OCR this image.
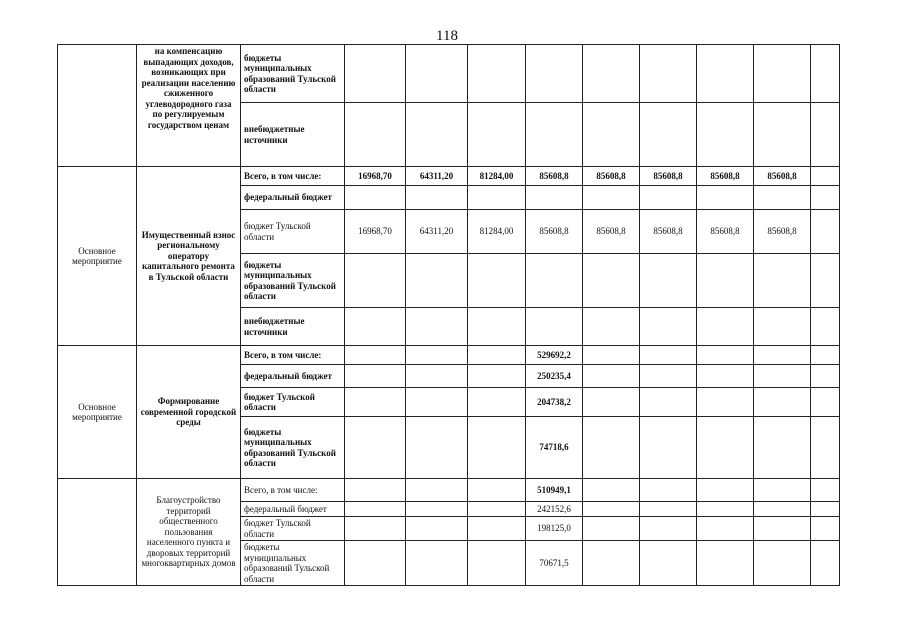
118
	на компенсацию выпадающих доходов, возникающих при реализации населению сжиженного углеводородного газа по регулируемым государством ценам	бюджеты муниципальных образований Тульской области									
		внебюджетные источники									
Основное мероприятие	Имущественный взнос региональному оператору капитального ремонта в Тульской области	Всего, в том числе:	16968,70	64311,20	81284,00	85608,8	85608,8	85608,8	85608,8	85608,8	
		федеральный бюджет									
		бюджет Тульской области	16968,70	64311,20	81284,00	85608,8	85608,8	85608,8	85608,8	85608,8	
		бюджеты муниципальных образований Тульской области									
		внебюджетные источники									
Основное мероприятие	Формирование современной городской среды	Всего, в том числе:				529692,2					
		федеральный бюджет				250235,4					
		бюджет Тульской области				204738,2					
		бюджеты муниципальных образований Тульской области				74718,6					
	Благоустройство территорий общественного пользования населенного пункта и дворовых территорий многоквартирных домов	Всего, в том числе:				510949,1					
		федеральный бюджет				242152,6					
		бюджет Тульской области				198125,0					
		бюджеты муниципальных образований Тульской области				70671,5					
